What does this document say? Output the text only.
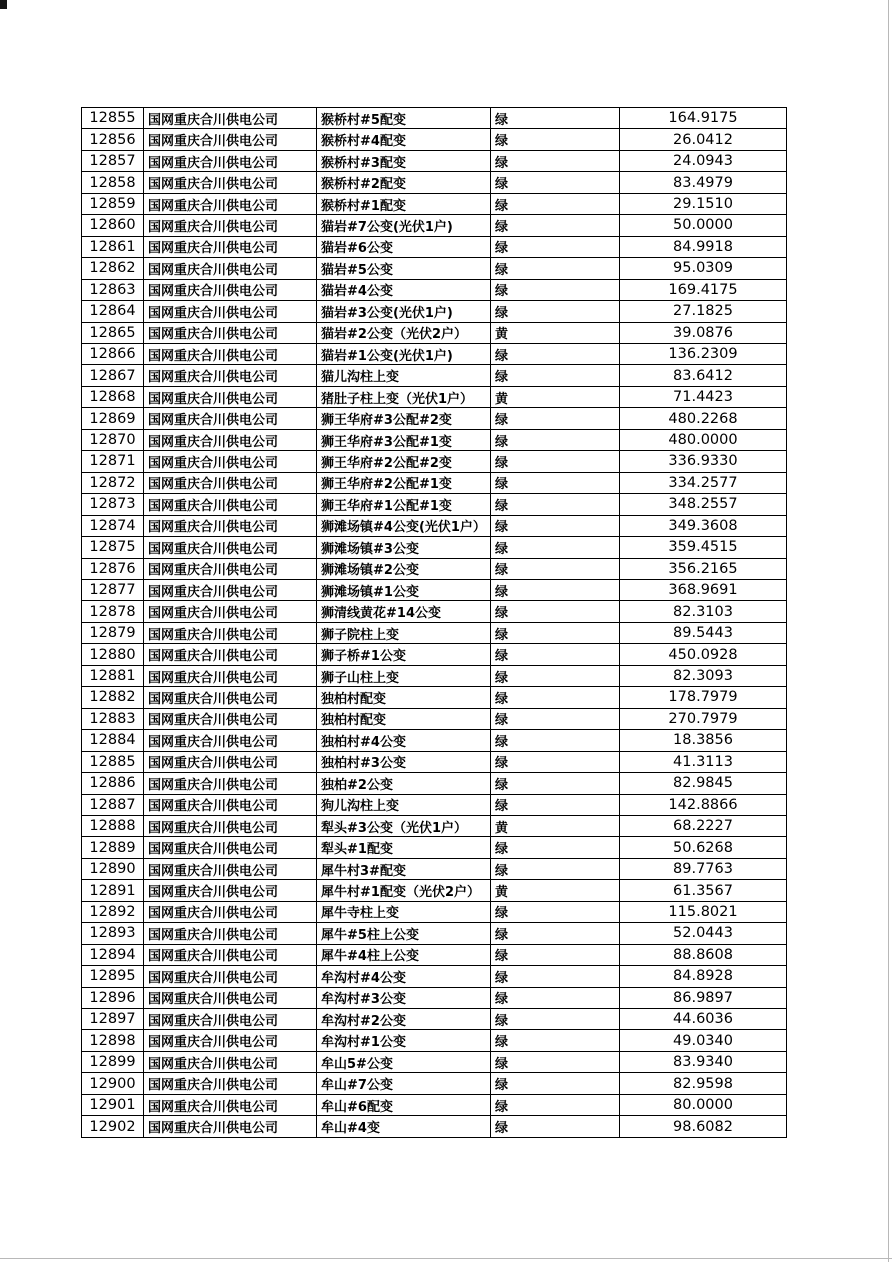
12855	国网重庆合川供电公司	猴桥村#5配变	绿	164.9175
12856	国网重庆合川供电公司	猴桥村#4配变	绿	26.0412
12857	国网重庆合川供电公司	猴桥村#3配变	绿	24.0943
12858	国网重庆合川供电公司	猴桥村#2配变	绿	83.4979
12859	国网重庆合川供电公司	猴桥村#1配变	绿	29.1510
12860	国网重庆合川供电公司	猫岩#7公变(光伏1户)	绿	50.0000
12861	国网重庆合川供电公司	猫岩#6公变	绿	84.9918
12862	国网重庆合川供电公司	猫岩#5公变	绿	95.0309
12863	国网重庆合川供电公司	猫岩#4公变	绿	169.4175
12864	国网重庆合川供电公司	猫岩#3公变(光伏1户)	绿	27.1825
12865	国网重庆合川供电公司	猫岩#2公变（光伏2户）	黄	39.0876
12866	国网重庆合川供电公司	猫岩#1公变(光伏1户)	绿	136.2309
12867	国网重庆合川供电公司	猫儿沟柱上变	绿	83.6412
12868	国网重庆合川供电公司	猪肚子柱上变（光伏1户）	黄	71.4423
12869	国网重庆合川供电公司	狮王华府#3公配#2变	绿	480.2268
12870	国网重庆合川供电公司	狮王华府#3公配#1变	绿	480.0000
12871	国网重庆合川供电公司	狮王华府#2公配#2变	绿	336.9330
12872	国网重庆合川供电公司	狮王华府#2公配#1变	绿	334.2577
12873	国网重庆合川供电公司	狮王华府#1公配#1变	绿	348.2557
12874	国网重庆合川供电公司	狮滩场镇#4公变(光伏1户）	绿	349.3608
12875	国网重庆合川供电公司	狮滩场镇#3公变	绿	359.4515
12876	国网重庆合川供电公司	狮滩场镇#2公变	绿	356.2165
12877	国网重庆合川供电公司	狮滩场镇#1公变	绿	368.9691
12878	国网重庆合川供电公司	狮清线黄花#14公变	绿	82.3103
12879	国网重庆合川供电公司	狮子院柱上变	绿	89.5443
12880	国网重庆合川供电公司	狮子桥#1公变	绿	450.0928
12881	国网重庆合川供电公司	狮子山柱上变	绿	82.3093
12882	国网重庆合川供电公司	独柏村配变	绿	178.7979
12883	国网重庆合川供电公司	独柏村配变	绿	270.7979
12884	国网重庆合川供电公司	独柏村#4公变	绿	18.3856
12885	国网重庆合川供电公司	独柏村#3公变	绿	41.3113
12886	国网重庆合川供电公司	独柏#2公变	绿	82.9845
12887	国网重庆合川供电公司	狗儿沟柱上变	绿	142.8866
12888	国网重庆合川供电公司	犁头#3公变（光伏1户）	黄	68.2227
12889	国网重庆合川供电公司	犁头#1配变	绿	50.6268
12890	国网重庆合川供电公司	犀牛村3#配变	绿	89.7763
12891	国网重庆合川供电公司	犀牛村#1配变（光伏2户）	黄	61.3567
12892	国网重庆合川供电公司	犀牛寺柱上变	绿	115.8021
12893	国网重庆合川供电公司	犀牛#5柱上公变	绿	52.0443
12894	国网重庆合川供电公司	犀牛#4柱上公变	绿	88.8608
12895	国网重庆合川供电公司	牟沟村#4公变	绿	84.8928
12896	国网重庆合川供电公司	牟沟村#3公变	绿	86.9897
12897	国网重庆合川供电公司	牟沟村#2公变	绿	44.6036
12898	国网重庆合川供电公司	牟沟村#1公变	绿	49.0340
12899	国网重庆合川供电公司	牟山5#公变	绿	83.9340
12900	国网重庆合川供电公司	牟山#7公变	绿	82.9598
12901	国网重庆合川供电公司	牟山#6配变	绿	80.0000
12902	国网重庆合川供电公司	牟山#4变	绿	98.6082
